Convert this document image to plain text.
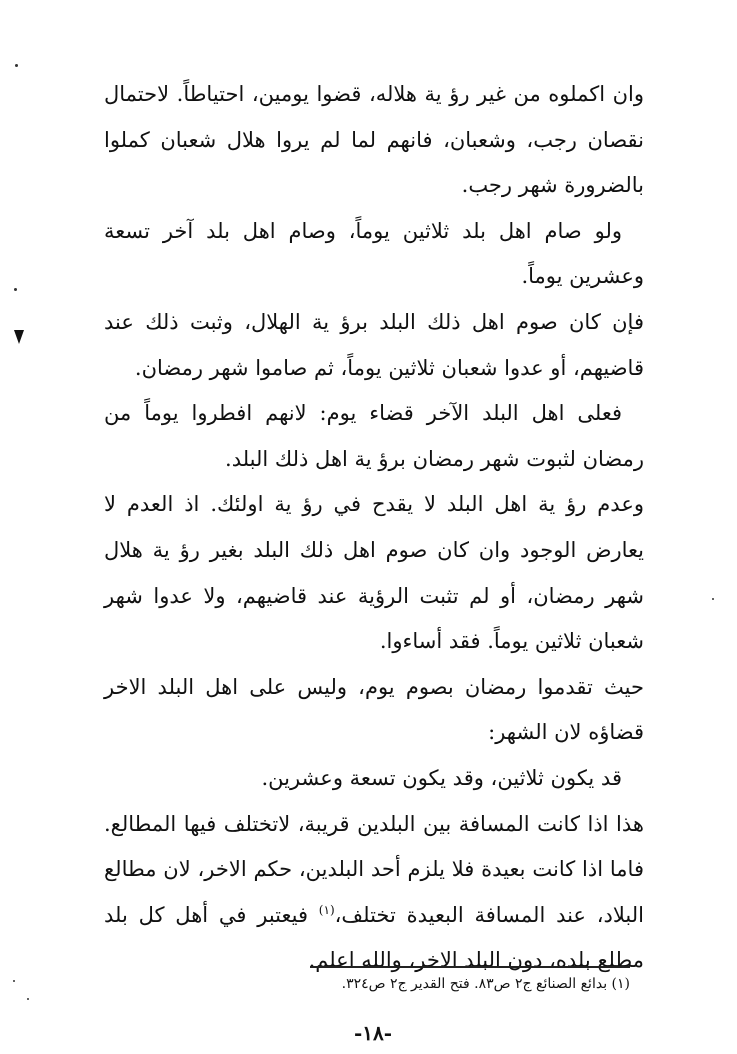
وان اكملوه من غير رؤ ية هلاله، قضوا يومين، احتياطاً. لاحتمال نقصان رجب، وشعبان، فانهم لما لم يروا هلال شعبان كملوا بالضرورة شهر رجب.

ولو صام اهل بلد ثلاثين يوماً، وصام اهل بلد آخر تسعة وعشرين يوماً.

فإن كان صوم اهل ذلك البلد برؤ ية الهلال، وثبت ذلك عند قاضيهم، أو عدوا شعبان ثلاثين يوماً، ثم صاموا شهر رمضان.

فعلى اهل البلد الآخر قضاء يوم: لانهم افطروا يوماً من رمضان لثبوت شهر رمضان برؤ ية اهل ذلك البلد.

وعدم رؤ ية اهل البلد لا يقدح في رؤ ية اولئك. اذ العدم لا يعارض الوجود وان كان صوم اهل ذلك البلد بغير رؤ ية هلال شهر رمضان، أو لم تثبت الرؤية عند قاضيهم، ولا عدوا شهر شعبان ثلاثين يوماً. فقد أساءوا.

حيث تقدموا رمضان بصوم يوم، وليس على اهل البلد الاخر قضاؤه لان الشهر:

قد يكون ثلاثين، وقد يكون تسعة وعشرين.

هذا اذا كانت المسافة بين البلدين قريبة، لاتختلف فيها المطالع. فاما اذا كانت بعيدة فلا يلزم أحد البلدين، حكم الاخر، لان مطالع البلاد، عند المسافة البعيدة تختلف،$^{(١)}$ فيعتبر في أهل كل بلد مطلع بلده، دون البلد الاخر، والله اعلم.

(١) بدائع الصنائع ج٢ ص٨٣. فتح القدير ج٢ ص٣٢٤.
-١٨-
